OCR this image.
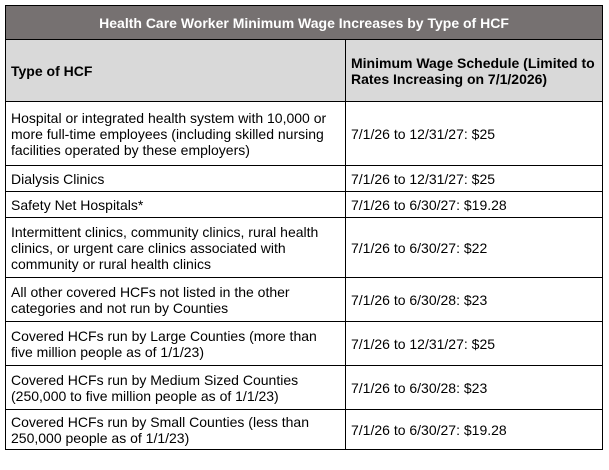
Health Care Worker Minimum Wage Increases by Type of HCF	
Type of HCF	Minimum Wage Schedule (Limited to Rates Increasing on 7/1/2026)
Hospital or integrated health system with 10,000 or more full-time employees (including skilled nursing facilities operated by these employers)	7/1/26 to 12/31/27: $25
Dialysis Clinics	7/1/26 to 12/31/27: $25
Safety Net Hospitals*	7/1/26 to 6/30/27: $19.28
Intermittent clinics, community clinics, rural health clinics, or urgent care clinics associated with community or rural health clinics	7/1/26 to 6/30/27: $22
All other covered HCFs not listed in the other categories and not run by Counties	7/1/26 to 6/30/28: $23
Covered HCFs run by Large Counties (more than five million people as of 1/1/23)	7/1/26 to 12/31/27: $25
Covered HCFs run by Medium Sized Counties (250,000 to five million people as of 1/1/23)	7/1/26 to 6/30/28: $23
Covered HCFs run by Small Counties (less than 250,000 people as of 1/1/23)	7/1/26 to 6/30/27: $19.28
